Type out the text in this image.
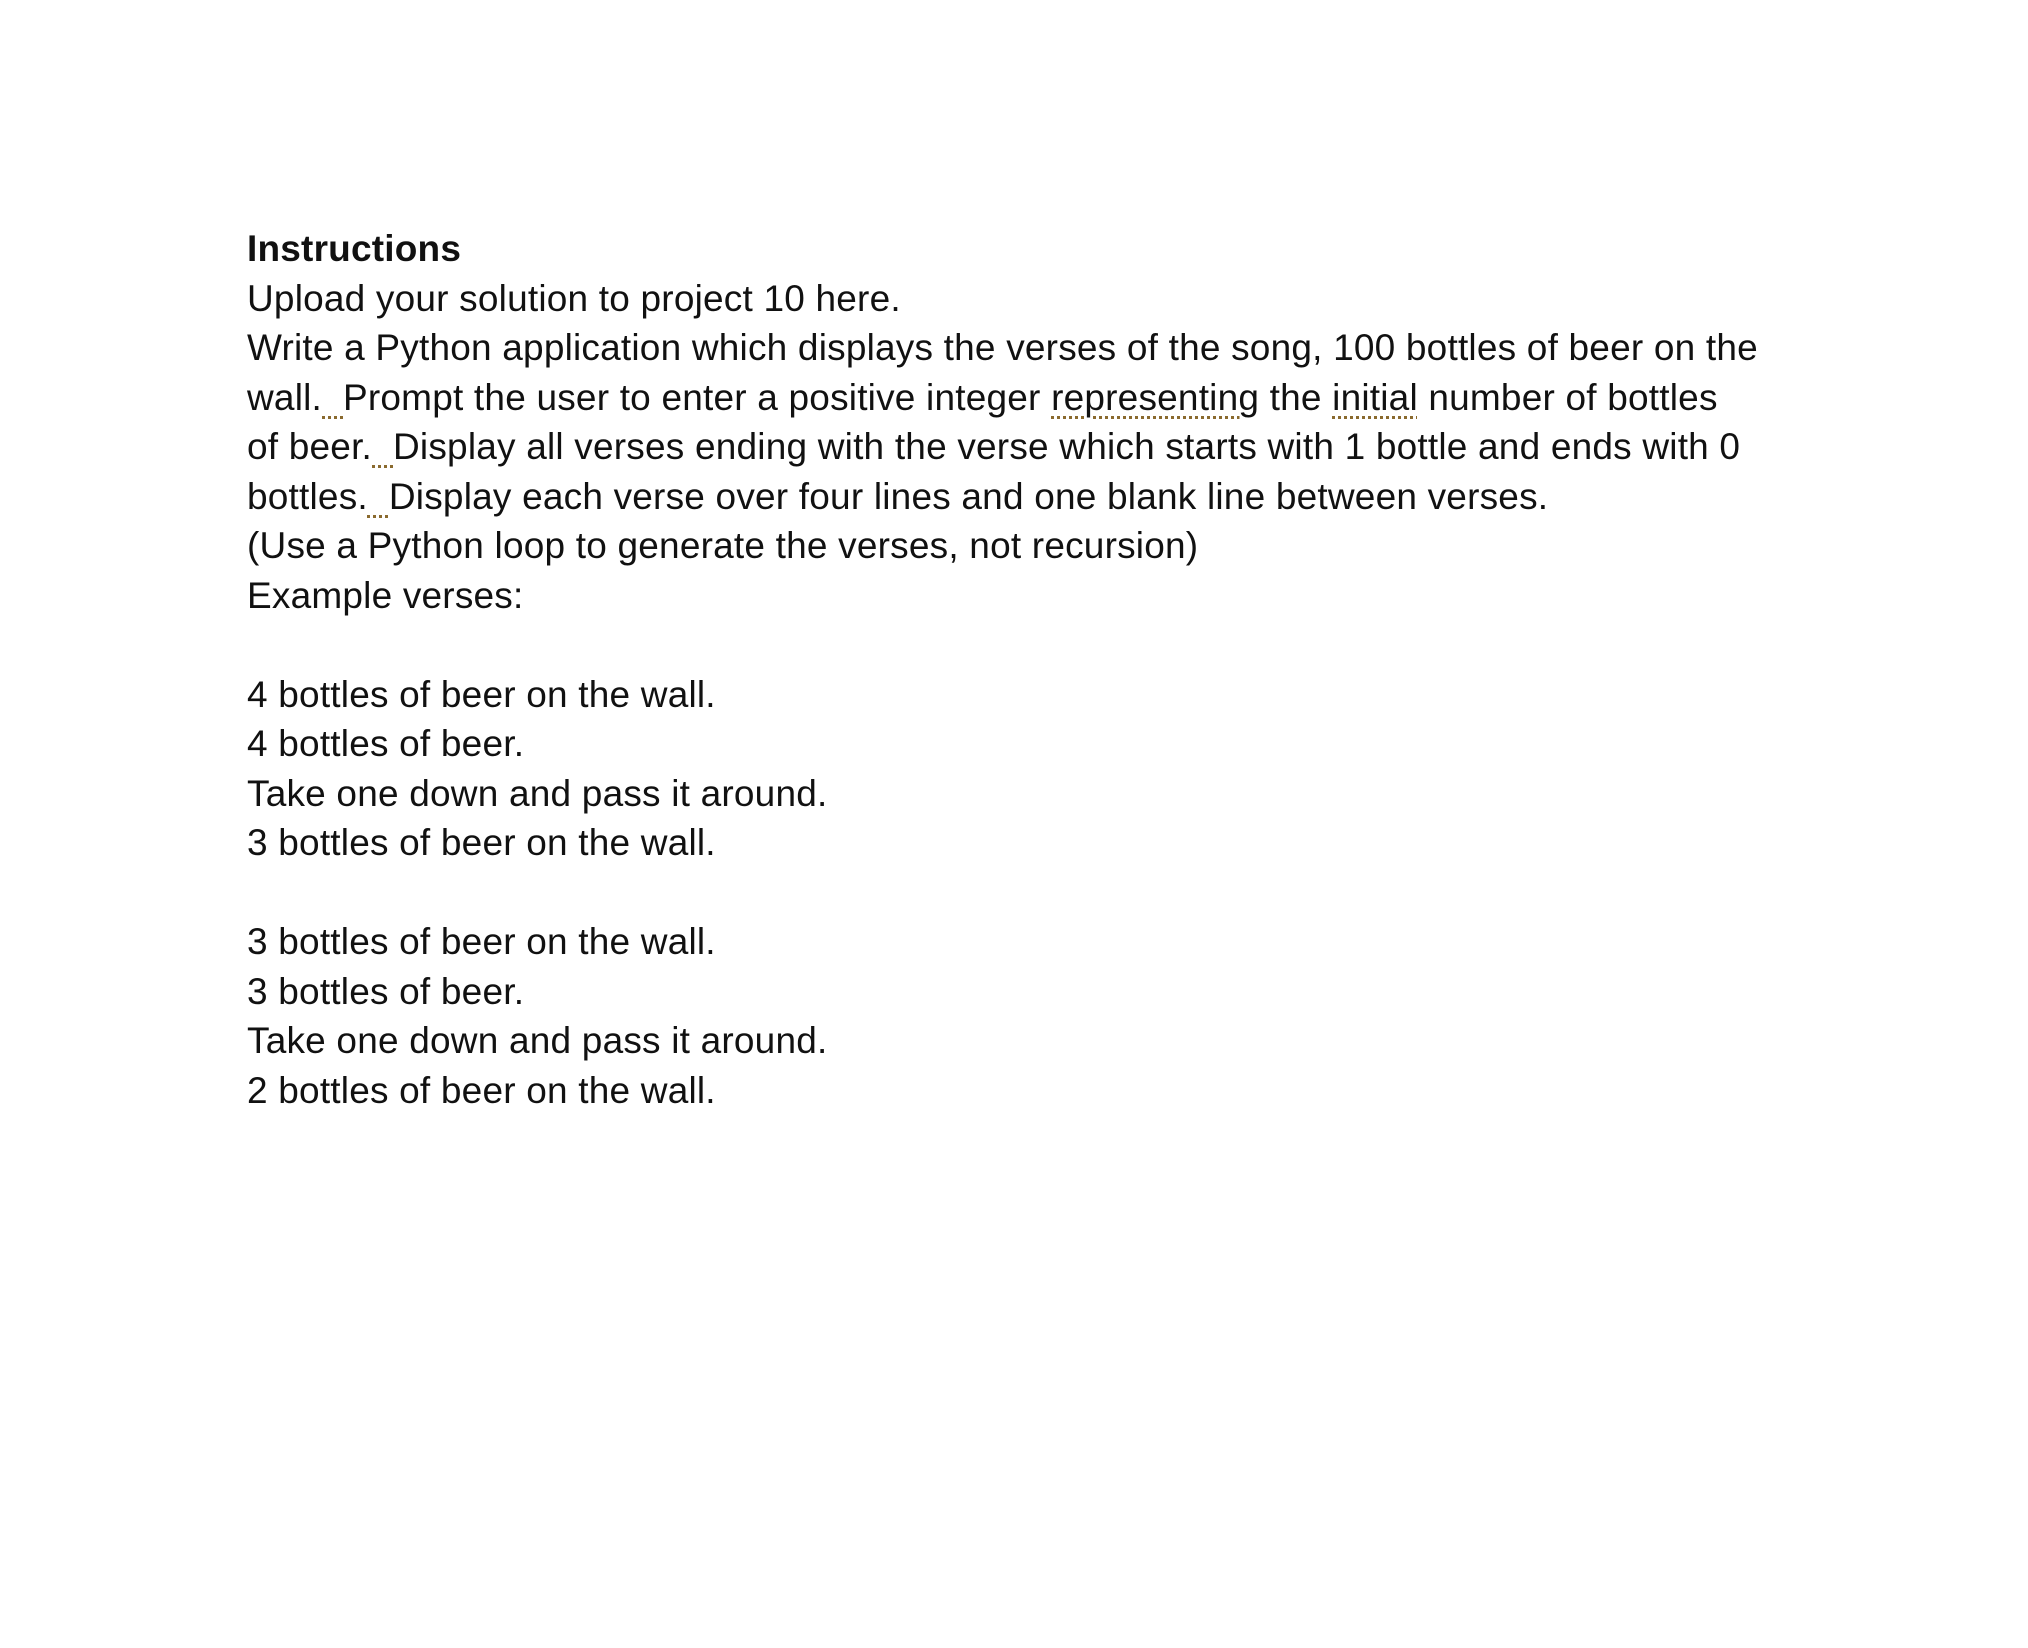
Instructions
Upload your solution to project 10 here.
Write a Python application which displays the verses of the song, 100 bottles of beer on the
wall. Prompt the user to enter a positive integer representing the initial number of bottles
of beer. Display all verses ending with the verse which starts with 1 bottle and ends with 0
bottles. Display each verse over four lines and one blank line between verses.
(Use a Python loop to generate the verses, not recursion)
Example verses:
4 bottles of beer on the wall.
4 bottles of beer.
Take one down and pass it around.
3 bottles of beer on the wall.
3 bottles of beer on the wall.
3 bottles of beer.
Take one down and pass it around.
2 bottles of beer on the wall.
